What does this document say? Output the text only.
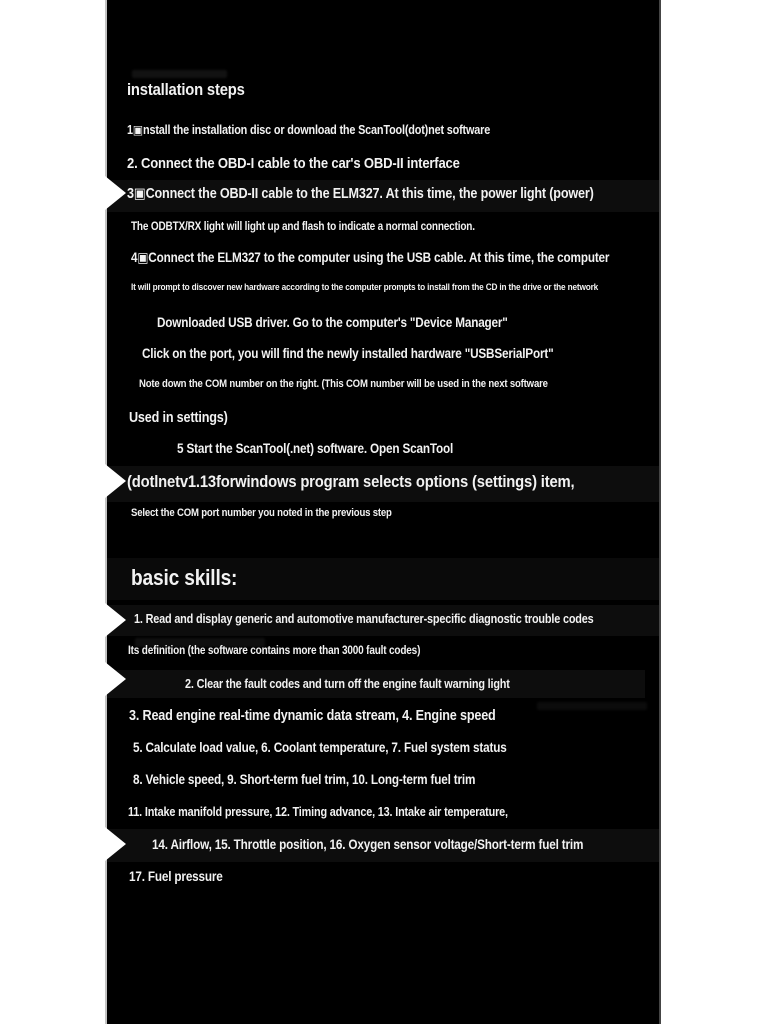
installation steps
1▣nstall the installation disc or download the ScanTool(dot)net software
2. Connect the OBD-I cable to the car's OBD-II interface
3▣Connect the OBD-II cable to the ELM327. At this time, the power light (power)
The ODBTX/RX light will light up and flash to indicate a normal connection.
4▣Connect the ELM327 to the computer using the USB cable. At this time, the computer
It will prompt to discover new hardware according to the computer prompts to install from the CD in the drive or the network
Downloaded USB driver. Go to the computer's "Device Manager"
Click on the port, you will find the newly installed hardware "USBSerialPort"
Note down the COM number on the right. (This COM number will be used in the next software
Used in settings)
5 Start the ScanTool(.net) software. Open ScanTool
(dotlnetv1.13forwindows program selects options (settings) item,
Select the COM port number you noted in the previous step
basic skills:
1. Read and display generic and automotive manufacturer-specific diagnostic trouble codes
Its definition (the software contains more than 3000 fault codes)
2. Clear the fault codes and turn off the engine fault warning light
3. Read engine real-time dynamic data stream, 4. Engine speed
5. Calculate load value, 6. Coolant temperature, 7. Fuel system status
8. Vehicle speed, 9. Short-term fuel trim, 10. Long-term fuel trim
11. Intake manifold pressure, 12. Timing advance, 13. Intake air temperature,
14. Airflow, 15. Throttle position, 16. Oxygen sensor voltage/Short-term fuel trim
17. Fuel pressure
